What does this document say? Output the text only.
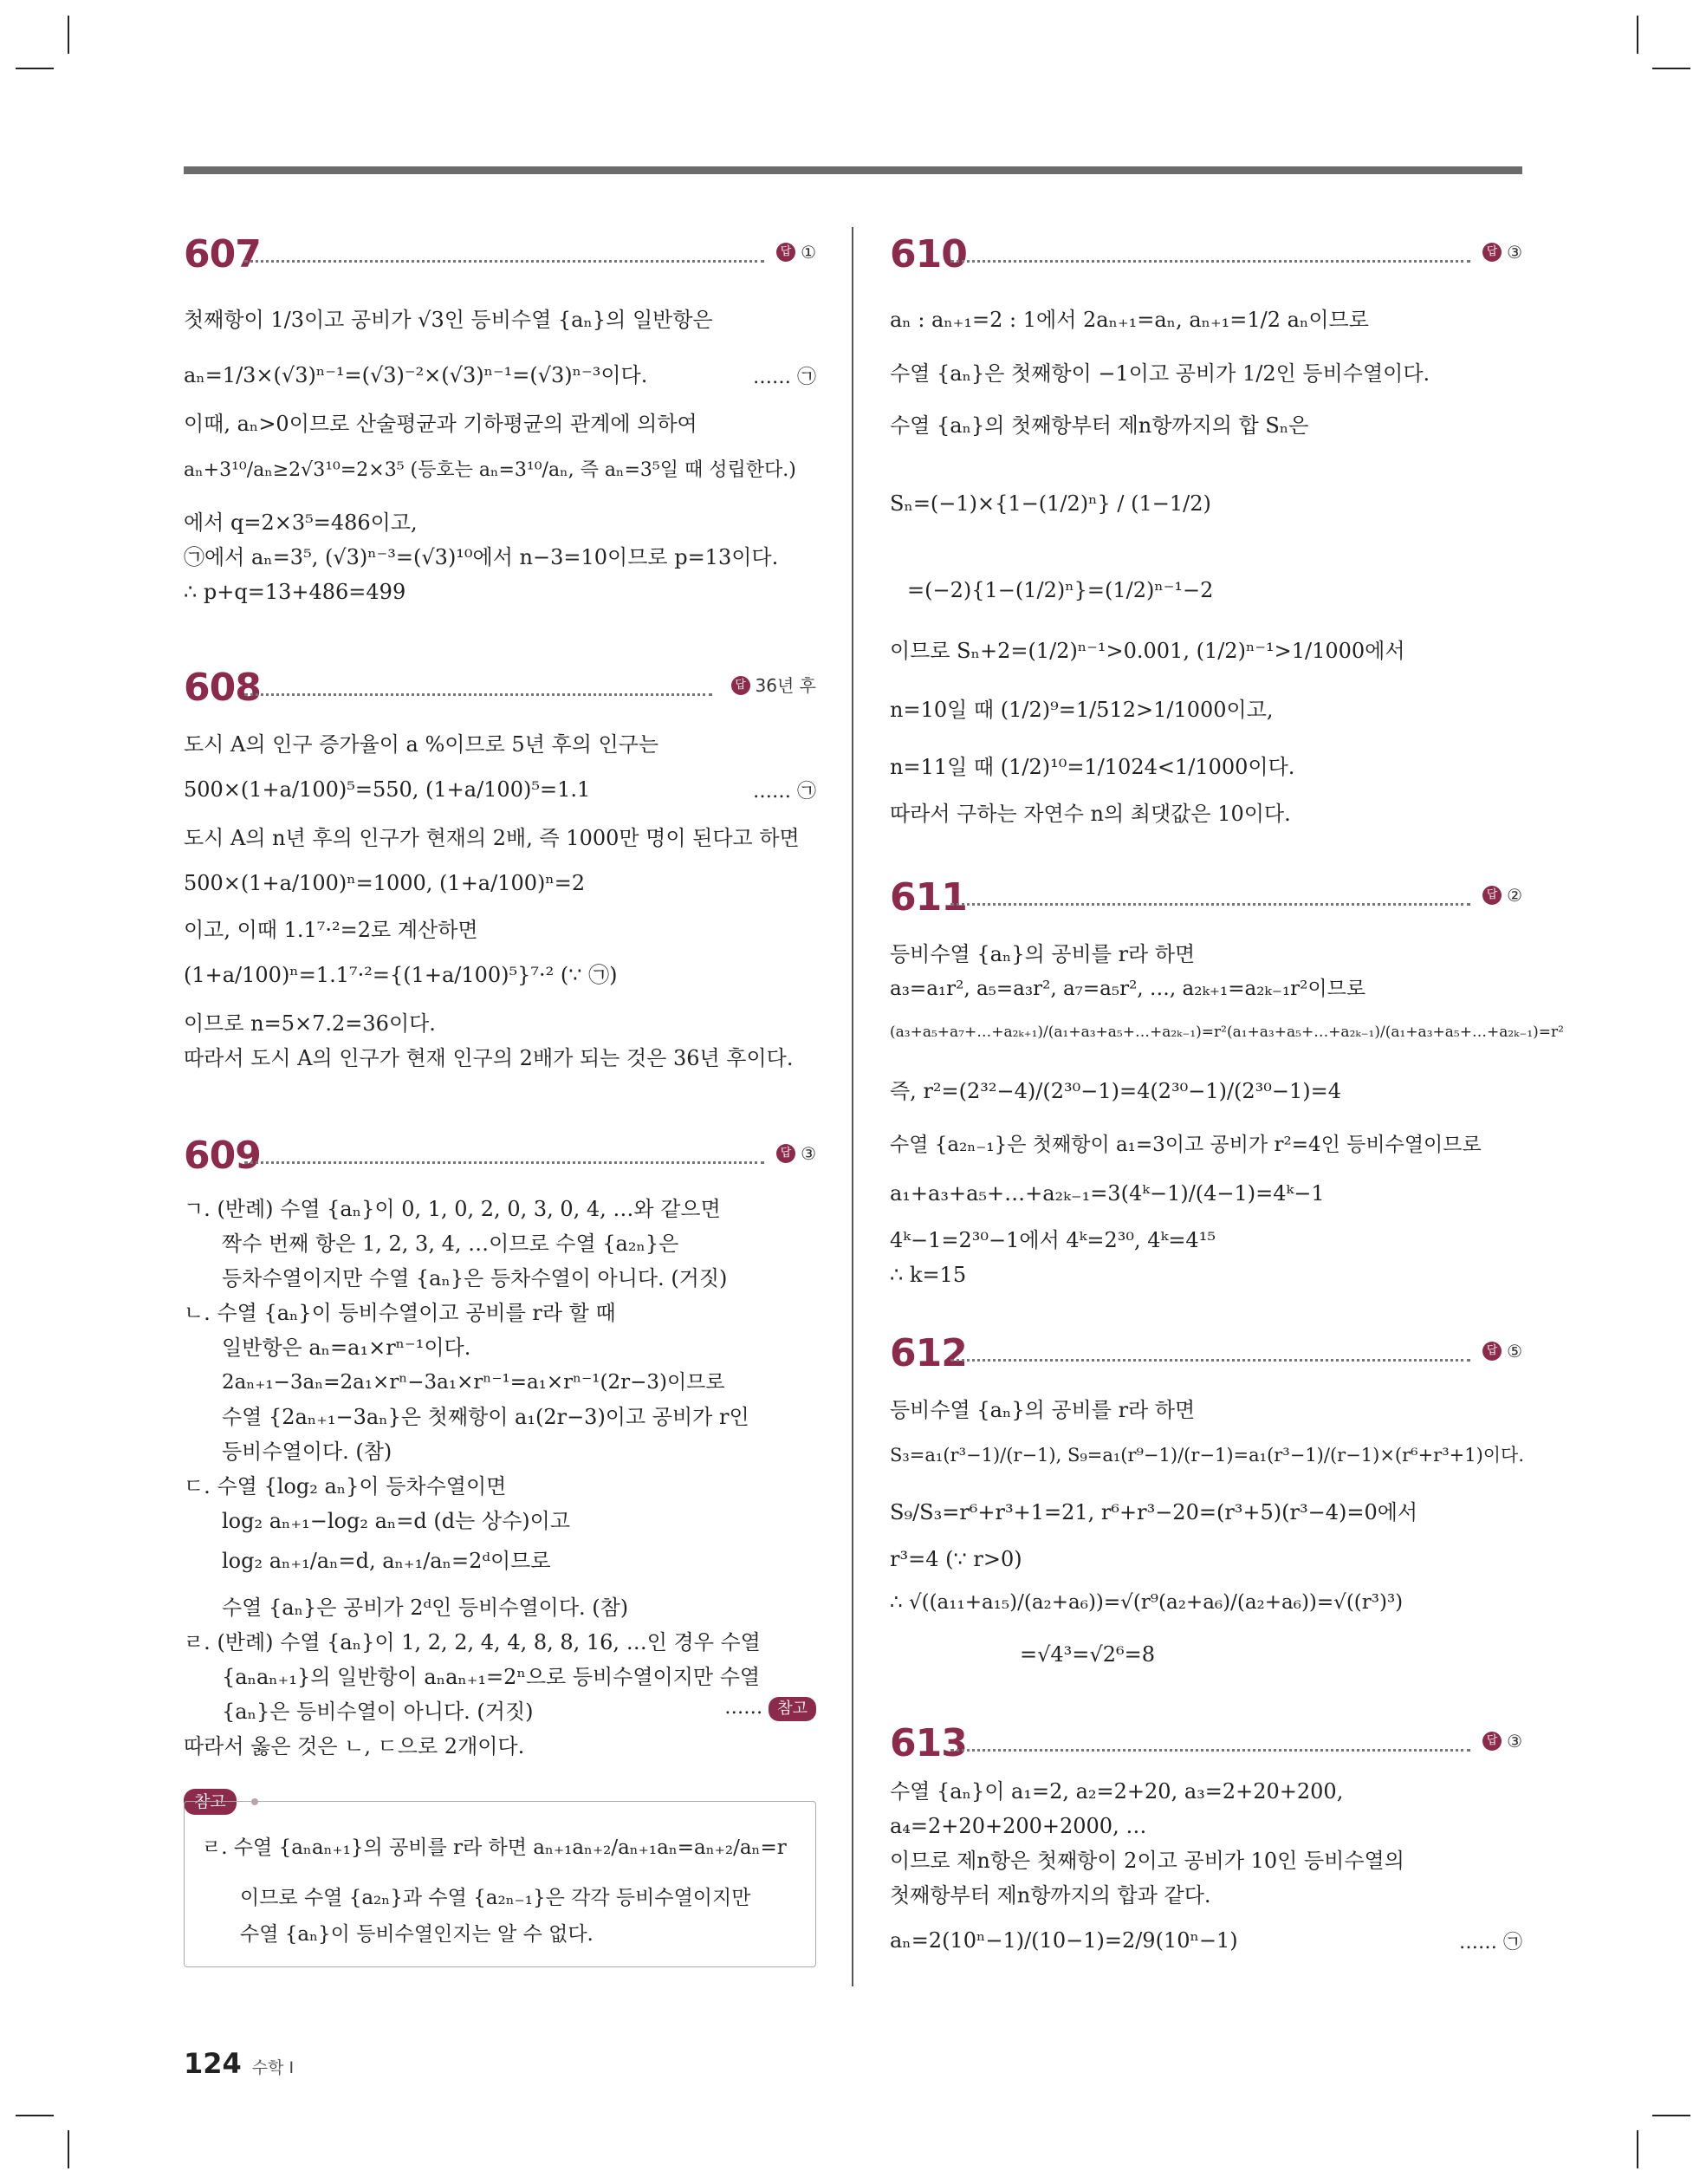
607	답 ①
첫째항이 1/3이고 공비가 √3인 등비수열 {aₙ}의 일반항은
aₙ=1/3×(√3)ⁿ⁻¹=(√3)⁻²×(√3)ⁿ⁻¹=(√3)ⁿ⁻³이다.	…… ㉠
이때, aₙ>0이므로 산술평균과 기하평균의 관계에 의하여
aₙ+3¹⁰/aₙ≥2√3¹⁰=2×3⁵ (등호는 aₙ=3¹⁰/aₙ, 즉 aₙ=3⁵일 때 성립한다.)
에서 q=2×3⁵=486이고,
㉠에서 aₙ=3⁵, (√3)ⁿ⁻³=(√3)¹⁰에서 n−3=10이므로 p=13이다.
∴ p+q=13+486=499
608	답 36년 후
도시 A의 인구 증가율이 a %이므로 5년 후의 인구는
500×(1+a/100)⁵=550, (1+a/100)⁵=1.1	…… ㉠
도시 A의 n년 후의 인구가 현재의 2배, 즉 1000만 명이 된다고 하면
500×(1+a/100)ⁿ=1000, (1+a/100)ⁿ=2
이고, 이때 1.1⁷·²=2로 계산하면
(1+a/100)ⁿ=1.1⁷·²={(1+a/100)⁵}⁷·² (∵ ㉠)
이므로 n=5×7.2=36이다.
따라서 도시 A의 인구가 현재 인구의 2배가 되는 것은 36년 후이다.
609	답 ③
ㄱ. (반례) 수열 {aₙ}이 0, 1, 0, 2, 0, 3, 0, 4, …와 같으면
짝수 번째 항은 1, 2, 3, 4, …이므로 수열 {a₂ₙ}은
등차수열이지만 수열 {aₙ}은 등차수열이 아니다. (거짓)
ㄴ. 수열 {aₙ}이 등비수열이고 공비를 r라 할 때
일반항은 aₙ=a₁×rⁿ⁻¹이다.
2aₙ₊₁−3aₙ=2a₁×rⁿ−3a₁×rⁿ⁻¹=a₁×rⁿ⁻¹(2r−3)이므로
수열 {2aₙ₊₁−3aₙ}은 첫째항이 a₁(2r−3)이고 공비가 r인
등비수열이다. (참)
ㄷ. 수열 {log₂ aₙ}이 등차수열이면
log₂ aₙ₊₁−log₂ aₙ=d (d는 상수)이고
log₂ aₙ₊₁/aₙ=d, aₙ₊₁/aₙ=2ᵈ이므로
수열 {aₙ}은 공비가 2ᵈ인 등비수열이다. (참)
ㄹ. (반례) 수열 {aₙ}이 1, 2, 2, 4, 4, 8, 8, 16, …인 경우 수열
{aₙaₙ₊₁}의 일반항이 aₙaₙ₊₁=2ⁿ으로 등비수열이지만 수열
{aₙ}은 등비수열이 아니다. (거짓)	…… 참고
따라서 옳은 것은 ㄴ, ㄷ으로 2개이다.
참고
ㄹ. 수열 {aₙaₙ₊₁}의 공비를 r라 하면 aₙ₊₁aₙ₊₂/aₙ₊₁aₙ=aₙ₊₂/aₙ=r
이므로 수열 {a₂ₙ}과 수열 {a₂ₙ₋₁}은 각각 등비수열이지만
수열 {aₙ}이 등비수열인지는 알 수 없다.
610	답 ③
aₙ : aₙ₊₁=2 : 1에서 2aₙ₊₁=aₙ, aₙ₊₁=1/2 aₙ이므로
수열 {aₙ}은 첫째항이 −1이고 공비가 1/2인 등비수열이다.
수열 {aₙ}의 첫째항부터 제n항까지의 합 Sₙ은
Sₙ=(−1)×{1−(1/2)ⁿ} / (1−1/2)
=(−2){1−(1/2)ⁿ}=(1/2)ⁿ⁻¹−2
이므로 Sₙ+2=(1/2)ⁿ⁻¹>0.001, (1/2)ⁿ⁻¹>1/1000에서
n=10일 때 (1/2)⁹=1/512>1/1000이고,
n=11일 때 (1/2)¹⁰=1/1024<1/1000이다.
따라서 구하는 자연수 n의 최댓값은 10이다.
611	답 ②
등비수열 {aₙ}의 공비를 r라 하면
a₃=a₁r², a₅=a₃r², a₇=a₅r², …, a₂ₖ₊₁=a₂ₖ₋₁r²이므로
(a₃+a₅+a₇+…+a₂ₖ₊₁)/(a₁+a₃+a₅+…+a₂ₖ₋₁)=r²(a₁+a₃+a₅+…+a₂ₖ₋₁)/(a₁+a₃+a₅+…+a₂ₖ₋₁)=r²
즉, r²=(2³²−4)/(2³⁰−1)=4(2³⁰−1)/(2³⁰−1)=4
수열 {a₂ₙ₋₁}은 첫째항이 a₁=3이고 공비가 r²=4인 등비수열이므로
a₁+a₃+a₅+…+a₂ₖ₋₁=3(4ᵏ−1)/(4−1)=4ᵏ−1
4ᵏ−1=2³⁰−1에서 4ᵏ=2³⁰, 4ᵏ=4¹⁵
∴ k=15
612	답 ⑤
등비수열 {aₙ}의 공비를 r라 하면
S₃=a₁(r³−1)/(r−1), S₉=a₁(r⁹−1)/(r−1)=a₁(r³−1)/(r−1)×(r⁶+r³+1)이다.
S₉/S₃=r⁶+r³+1=21, r⁶+r³−20=(r³+5)(r³−4)=0에서
r³=4 (∵ r>0)
∴ √((a₁₁+a₁₅)/(a₂+a₆))=√(r⁹(a₂+a₆)/(a₂+a₆))=√((r³)³)
=√4³=√2⁶=8
613	답 ③
수열 {aₙ}이 a₁=2, a₂=2+20, a₃=2+20+200,
a₄=2+20+200+2000, …
이므로 제n항은 첫째항이 2이고 공비가 10인 등비수열의
첫째항부터 제n항까지의 합과 같다.
aₙ=2(10ⁿ−1)/(10−1)=2/9(10ⁿ−1)	…… ㉠
124 수학 I
